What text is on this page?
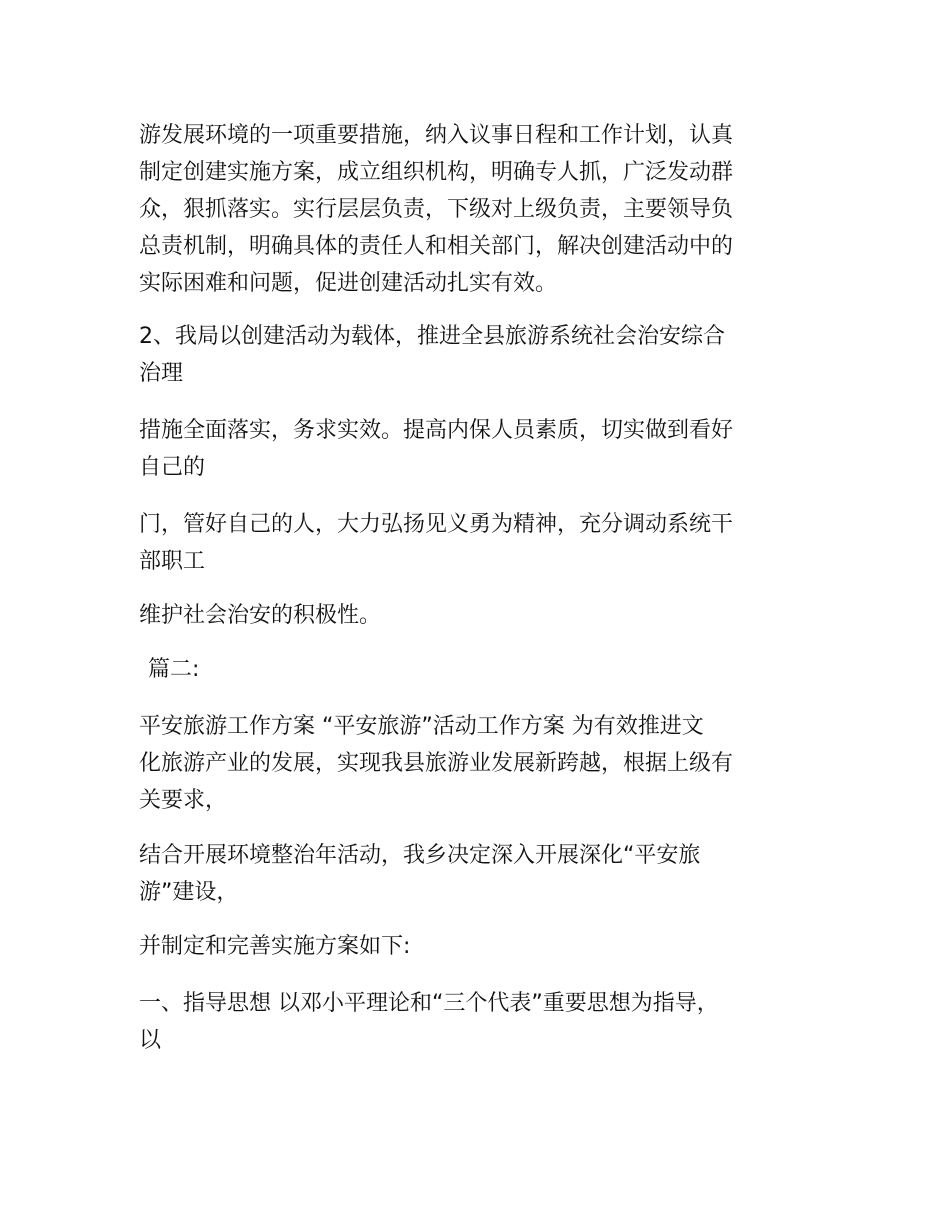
游发展环境的一项重要措施，纳入议事日程和工作计划，认真
制定创建实施方案，成立组织机构，明确专人抓，广泛发动群
众，狠抓落实。实行层层负责，下级对上级负责，主要领导负
总责机制，明确具体的责任人和相关部门，解决创建活动中的
实际困难和问题，促进创建活动扎实有效。

2、我局以创建活动为载体，推进全县旅游系统社会治安综合
治理

措施全面落实，务求实效。提高内保人员素质，切实做到看好
自己的

门，管好自己的人，大力弘扬见义勇为精神，充分调动系统干
部职工

维护社会治安的积极性。

篇二:

平安旅游工作方案 “平安旅游”活动工作方案 为有效推进文
化旅游产业的发展，实现我县旅游业发展新跨越，根据上级有
关要求，

结合开展环境整治年活动，我乡决定深入开展深化“平安旅
游”建设，

并制定和完善实施方案如下:

一、指导思想 以邓小平理论和“三个代表”重要思想为指导，
以
